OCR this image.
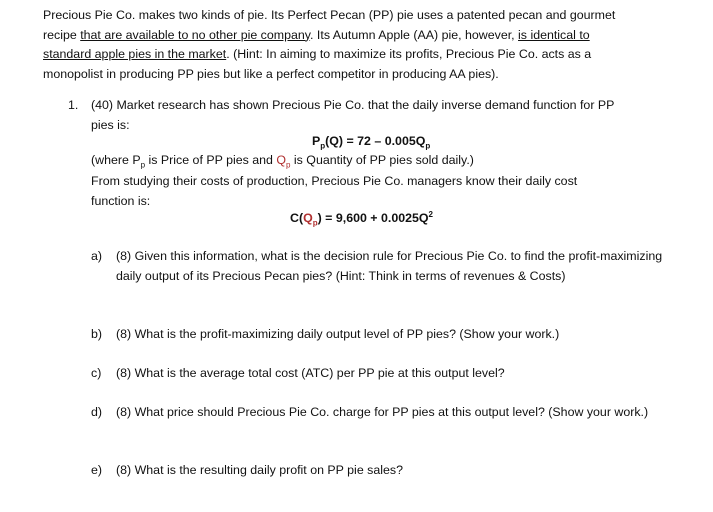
Precious Pie Co. makes two kinds of pie. Its Perfect Pecan (PP) pie uses a patented pecan and gourmet

recipe that are available to no other pie company. Its Autumn Apple (AA) pie, however, is identical to

standard apple pies in the market. (Hint: In aiming to maximize its profits, Precious Pie Co. acts as a

monopolist in producing PP pies but like a perfect competitor in producing AA pies).

1. (40) Market research has shown Precious Pie Co. that the daily inverse demand function for PP

pies is:

$P_p(Q) = 72 - 0.005Q_p$
(where $P_p$ is Price of PP pies and $Q_p$ is Quantity of PP pies sold daily.)
From studying their costs of production, Precious Pie Co. managers know their daily cost
function is:
$C(Q_p) = 9,600 + 0.0025Q^2$
a) (8) Given this information, what is the decision rule for Precious Pie Co. to find the profit-maximizing daily output of its Precious Pecan pies? (Hint: Think in terms of revenues & Costs)
b) (8) What is the profit-maximizing daily output level of PP pies? (Show your work.)
c) (8) What is the average total cost (ATC) per PP pie at this output level?
d) (8) What price should Precious Pie Co. charge for PP pies at this output level? (Show your work.)
e) (8) What is the resulting daily profit on PP pie sales?
